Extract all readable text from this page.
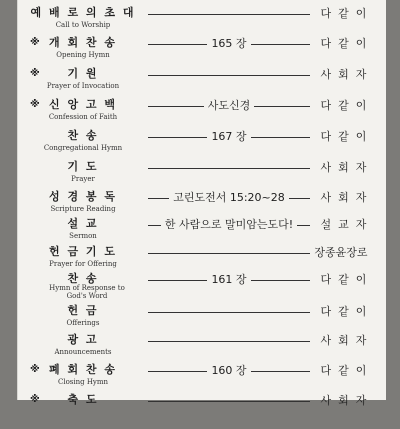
예 배 로 의 초 대
Call to Worship
다같이
※ 개 회 찬 송
Opening Hymn
165 장	다같이
※	기 원
Prayer of Invocation
사회자
※ 신 앙 고 백
Confession of Faith
사도신경	다같이
찬 송
Congregational Hymn
167 장	다같이
기 도
Prayer
사회자
성 경 봉 독
Scripture Reading
고린도전서 15:20~28	사회자
설 교
Sermon
한 사람으로 말미암는도다!	설교자
헌 금 기 도
Prayer for Offering
장종윤장로
찬 송
Hymn of Response to God's Word
161 장	다같이
헌 금
Offerings
다같이
광 고
Announcements
사회자
※ 폐 회 찬 송
Closing Hymn
160 장	다같이
※	축 도	사회자
